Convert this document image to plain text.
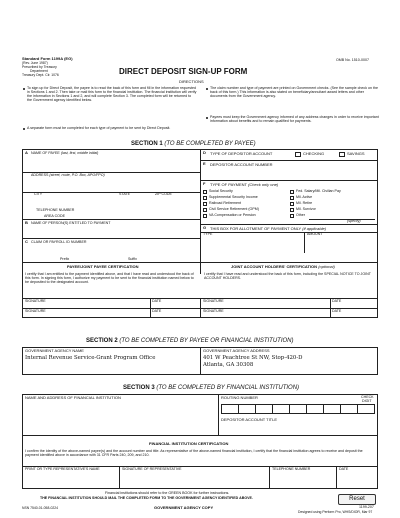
Standard Form 1199A (EG)
(Rev. June 1987)
Prescribed by Treasury
Department
Treasury Dept. Cir. 1076
OMB No. 1510-0007
DIRECT DEPOSIT SIGN-UP FORM
DIRECTIONS
To sign up for Direct Deposit, the payee is to read the back of this form and fill in the information requested in Sections 1 and 2. Then take or mail this form to the financial institution. The financial institution will verify the information in Sections 1 and 2, and will complete Section 3. The completed form will be returned to the Government agency identified below.
A separate form must be completed for each type of payment to be sent by Direct Deposit.
The claim number and type of payment are printed on Government checks. (See the sample check on the back of this form.) This information is also stated on beneficiary/annuitant award letters and other documents from the Government agency.
Payees must keep the Government agency informed of any address changes in order to receive important information about benefits and to remain qualified for payments.
SECTION 1 (TO BE COMPLETED BY PAYEE)
A NAME OF PAYEE (last, first, middle initial)
ADDRESS (street, route, P.O. Box, APO/FPO)
CITY	STATE	ZIP CODE
TELEPHONE NUMBER
AREA CODE
B NAME OF PERSON(S) ENTITLED TO PAYMENT
C CLAIM OR PAYROLL ID NUMBER
Prefix	Suffix
D TYPE OF DEPOSITOR ACCOUNT	CHECKING	SAVINGS
E DEPOSITOR ACCOUNT NUMBER
F TYPE OF PAYMENT (Check only one)
Social Security
Supplemental Security Income
Railroad Retirement
Civil Service Retirement (OPM)
VA Compensation or Pension
Fed. Salary/Mil. Civilian Pay
Mil. Active
Mil. Retire
Mil. Survivor
Other
(specify)
G THIS BOX FOR ALLOTMENT OF PAYMENT ONLY (if applicable)
TYPE	AMOUNT
PAYEE/JOINT PAYEE CERTIFICATION	JOINT ACCOUNT HOLDERS' CERTIFICATION (optional)
I certify that I am entitled to the payment identified above, and that I have read and understood the back of this form. In signing this form, I authorize my payment to be sent to the financial institution named below to be deposited to the designated account.
I certify that I have read and understood the back of this form, including the SPECIAL NOTICE TO JOINT ACCOUNT HOLDERS.
SIGNATURE	DATE	SIGNATURE	DATE
SIGNATURE	DATE	SIGNATURE	DATE
SECTION 2 (TO BE COMPLETED BY PAYEE OR FINANCIAL INSTITUTION)
GOVERNMENT AGENCY NAME
Internal Revenue Service-Grant Program Office
GOVERNMENT AGENCY ADDRESS
401 W Peachtree St NW, Stop-420-D
Atlanta, GA 30308
SECTION 3 (TO BE COMPLETED BY FINANCIAL INSTITUTION)
NAME AND ADDRESS OF FINANCIAL INSTITUTION	ROUTING NUMBER	CHECK
DIGIT
DEPOSITOR ACCOUNT TITLE
FINANCIAL INSTITUTION CERTIFICATION
I confirm the identity of the above-named payee(s) and the account number and title. As representative of the above-named financial institution, I certify that the financial institution agrees to receive and deposit the payment identified above in accordance with 31 CFR Parts 240, 209, and 210.
PRINT OR TYPE REPRESENTATIVE'S NAME	SIGNATURE OF REPRESENTATIVE	TELEPHONE NUMBER	DATE
Financial institutions should refer to the GREEN BOOK for further instructions.
THE FINANCIAL INSTITUTION SHOULD MAIL THE COMPLETED FORM TO THE GOVERNMENT AGENCY IDENTIFIED ABOVE.	Reset
NSN 7540-01-058-0224	GOVERNMENT AGENCY COPY	1199-207
Designed using Perform Pro, WHS/DIOR, Mar 97
